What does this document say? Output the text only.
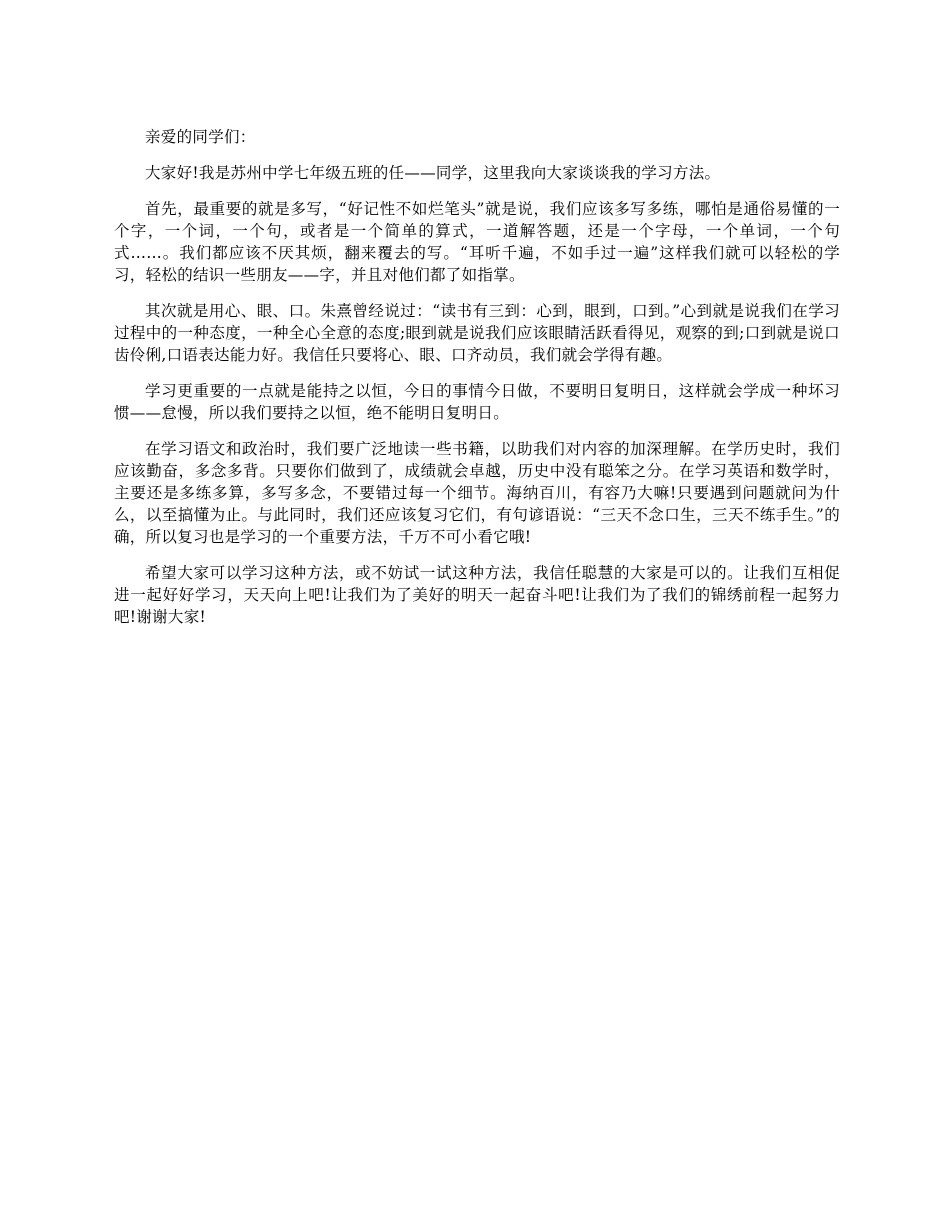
亲爱的同学们：

大家好!我是苏州中学七年级五班的任——同学，这里我向大家谈谈我的学习方法。

首先，最重要的就是多写，“好记性不如烂笔头”就是说，我们应该多写多练，哪怕是通俗易懂的一个字，一个词，一个句，或者是一个简单的算式，一道解答题，还是一个字母，一个单词，一个句式……。我们都应该不厌其烦，翻来覆去的写。“耳听千遍，不如手过一遍”这样我们就可以轻松的学习，轻松的结识一些朋友——字，并且对他们都了如指掌。

其次就是用心、眼、口。朱熹曾经说过：“读书有三到：心到，眼到，口到。”心到就是说我们在学习过程中的一种态度，一种全心全意的态度;眼到就是说我们应该眼睛活跃看得见，观察的到;口到就是说口齿伶俐,口语表达能力好。我信任只要将心、眼、口齐动员，我们就会学得有趣。

学习更重要的一点就是能持之以恒，今日的事情今日做，不要明日复明日，这样就会学成一种坏习惯——怠慢，所以我们要持之以恒，绝不能明日复明日。

在学习语文和政治时，我们要广泛地读一些书籍，以助我们对内容的加深理解。在学历史时，我们应该勤奋，多念多背。只要你们做到了，成绩就会卓越，历史中没有聪笨之分。在学习英语和数学时，主要还是多练多算，多写多念，不要错过每一个细节。海纳百川，有容乃大嘛!只要遇到问题就问为什么，以至搞懂为止。与此同时，我们还应该复习它们，有句谚语说：“三天不念口生，三天不练手生。”的确，所以复习也是学习的一个重要方法，千万不可小看它哦!

希望大家可以学习这种方法，或不妨试一试这种方法，我信任聪慧的大家是可以的。让我们互相促进一起好好学习，天天向上吧!让我们为了美好的明天一起奋斗吧!让我们为了我们的锦绣前程一起努力吧!谢谢大家!
